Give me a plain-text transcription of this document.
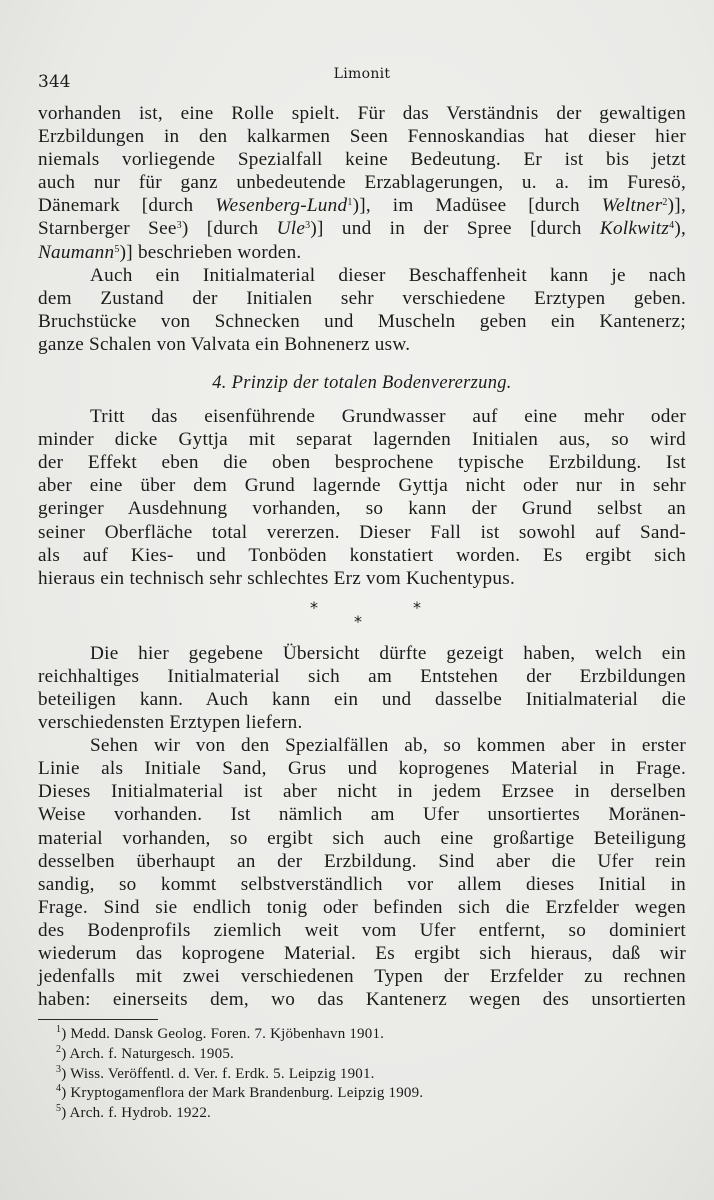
344	Limonit
vorhanden ist, eine Rolle spielt. Für das Verständnis der gewaltigen
Erzbildungen in den kalkarmen Seen Fennoskandias hat dieser hier
niemals vorliegende Spezialfall keine Bedeutung. Er ist bis jetzt
auch nur für ganz unbedeutende Erzablagerungen, u. a. im Furesö,
Dänemark [durch Wesenberg-Lund$^1$)], im Madüsee [durch Weltner$^2$)],
Starnberger See$^3$) [durch Ule$^3$)] und in der Spree [durch Kolkwitz$^4$),
Naumann$^5$)] beschrieben worden.
Auch ein Initialmaterial dieser Beschaffenheit kann je nach
dem Zustand der Initialen sehr verschiedene Erztypen geben.
Bruchstücke von Schnecken und Muscheln geben ein Kantenerz;
ganze Schalen von Valvata ein Bohnenerz usw.
4. Prinzip der totalen Bodenvererzung.
Tritt das eisenführende Grundwasser auf eine mehr oder
minder dicke Gyttja mit separat lagernden Initialen aus, so wird
der Effekt eben die oben besprochene typische Erzbildung. Ist
aber eine über dem Grund lagernde Gyttja nicht oder nur in sehr
geringer Ausdehnung vorhanden, so kann der Grund selbst an
seiner Oberfläche total vererzen. Dieser Fall ist sowohl auf Sand-
als auf Kies- und Tonböden konstatiert worden. Es ergibt sich
hieraus ein technisch sehr schlechtes Erz vom Kuchentypus.
*
*
*
Die hier gegebene Übersicht dürfte gezeigt haben, welch ein
reichhaltiges Initialmaterial sich am Entstehen der Erzbildungen
beteiligen kann. Auch kann ein und dasselbe Initialmaterial die
verschiedensten Erztypen liefern.
Sehen wir von den Spezialfällen ab, so kommen aber in erster
Linie als Initiale Sand, Grus und koprogenes Material in Frage.
Dieses Initialmaterial ist aber nicht in jedem Erzsee in derselben
Weise vorhanden. Ist nämlich am Ufer unsortiertes Moränen-
material vorhanden, so ergibt sich auch eine großartige Beteiligung
desselben überhaupt an der Erzbildung. Sind aber die Ufer rein
sandig, so kommt selbstverständlich vor allem dieses Initial in
Frage. Sind sie endlich tonig oder befinden sich die Erzfelder wegen
des Bodenprofils ziemlich weit vom Ufer entfernt, so dominiert
wiederum das koprogene Material. Es ergibt sich hieraus, daß wir
jedenfalls mit zwei verschiedenen Typen der Erzfelder zu rechnen
haben: einerseits dem, wo das Kantenerz wegen des unsortierten
$^1$) Medd. Dansk Geolog. Foren. 7. Kjöbenhavn 1901.
$^2$) Arch. f. Naturgesch. 1905.
$^3$) Wiss. Veröffentl. d. Ver. f. Erdk. 5. Leipzig 1901.
$^4$) Kryptogamenflora der Mark Brandenburg. Leipzig 1909.
$^5$) Arch. f. Hydrob. 1922.
